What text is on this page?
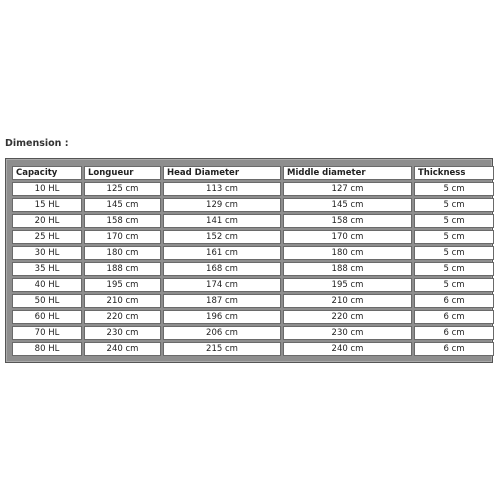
Dimension :
Capacity	Longueur	Head Diameter	Middle diameter	Thickness
10 HL	125 cm	113 cm	127 cm	5 cm
15 HL	145 cm	129 cm	145 cm	5 cm
20 HL	158 cm	141 cm	158 cm	5 cm
25 HL	170 cm	152 cm	170 cm	5 cm
30 HL	180 cm	161 cm	180 cm	5 cm
35 HL	188 cm	168 cm	188 cm	5 cm
40 HL	195 cm	174 cm	195 cm	5 cm
50 HL	210 cm	187 cm	210 cm	6 cm
60 HL	220 cm	196 cm	220 cm	6 cm
70 HL	230 cm	206 cm	230 cm	6 cm
80 HL	240 cm	215 cm	240 cm	6 cm
